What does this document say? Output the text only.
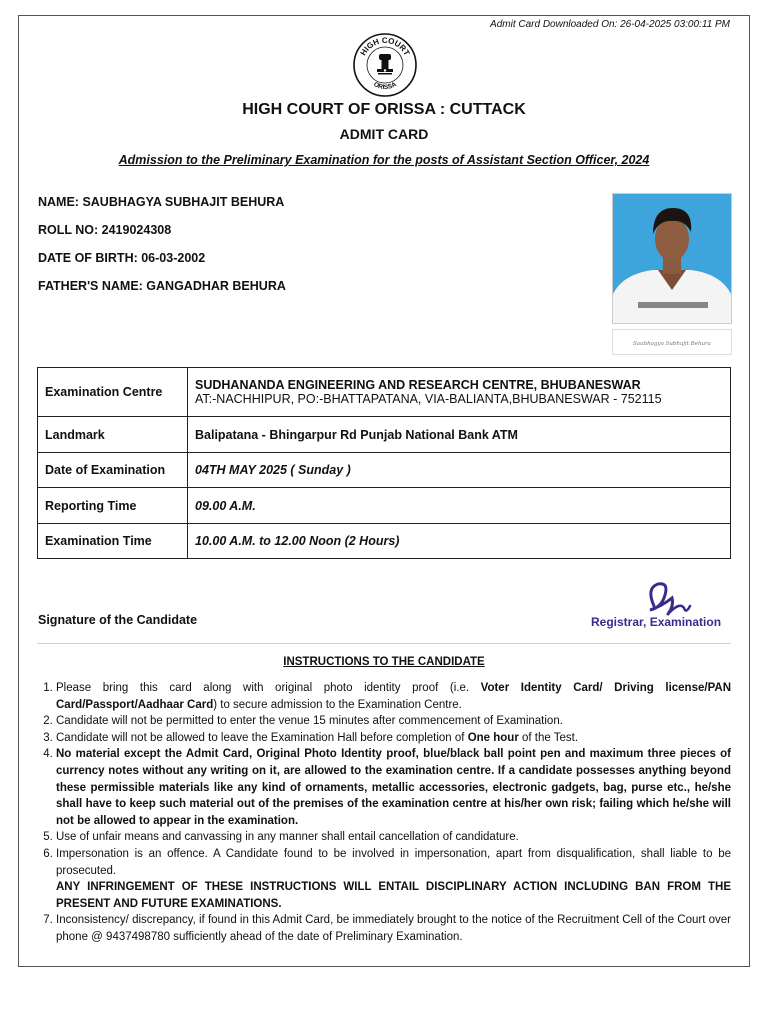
Admit Card Downloaded On: 26-04-2025 03:00:11 PM
HIGH COURT
ORISSA
HIGH COURT OF ORISSA : CUTTACK
ADMIT CARD
Admission to the Preliminary Examination for the posts of Assistant Section Officer, 2024
NAME: SAUBHAGYA SUBHAJIT BEHURA
ROLL NO: 2419024308
DATE OF BIRTH: 06-03-2002
FATHER'S NAME: GANGADHAR BEHURA
Saubhagya Subhajit Behura
Examination Centre	SUDHANANDA ENGINEERING AND RESEARCH CENTRE, BHUBANESWAR
AT:-NACHHIPUR, PO:-BHATTAPATANA, VIA-BALIANTA,BHUBANESWAR - 752115

Landmark	Balipatana - Bhingarpur Rd Punjab National Bank ATM
Date of Examination	04TH MAY 2025 ( Sunday )
Reporting Time	09.00 A.M.
Examination Time	10.00 A.M. to 12.00 Noon (2 Hours)
Signature of the Candidate	Registrar, Examination
INSTRUCTIONS TO THE CANDIDATE
1. Please bring this card along with original photo identity proof (i.e. Voter Identity Card/ Driving license/PAN Card/Passport/Aadhaar Card) to secure admission to the Examination Centre.
2. Candidate will not be permitted to enter the venue 15 minutes after commencement of Examination.
3. Candidate will not be allowed to leave the Examination Hall before completion of One hour of the Test.
4. No material except the Admit Card, Original Photo Identity proof, blue/black ball point pen and maximum three pieces of currency notes without any writing on it, are allowed to the examination centre. If a candidate possesses anything beyond these permissible materials like any kind of ornaments, metallic accessories, electronic gadgets, bag, purse etc., he/she shall have to keep such material out of the premises of the examination centre at his/her own risk; failing which he/she will not be allowed to appear in the examination.
5. Use of unfair means and canvassing in any manner shall entail cancellation of candidature.
6. Impersonation is an offence. A Candidate found to be involved in impersonation, apart from disqualification, shall liable to be prosecuted.
ANY INFRINGEMENT OF THESE INSTRUCTIONS WILL ENTAIL DISCIPLINARY ACTION INCLUDING BAN FROM THE PRESENT AND FUTURE EXAMINATIONS.
7. Inconsistency/ discrepancy, if found in this Admit Card, be immediately brought to the notice of the Recruitment Cell of the Court over phone @ 9437498780 sufficiently ahead of the date of Preliminary Examination.
